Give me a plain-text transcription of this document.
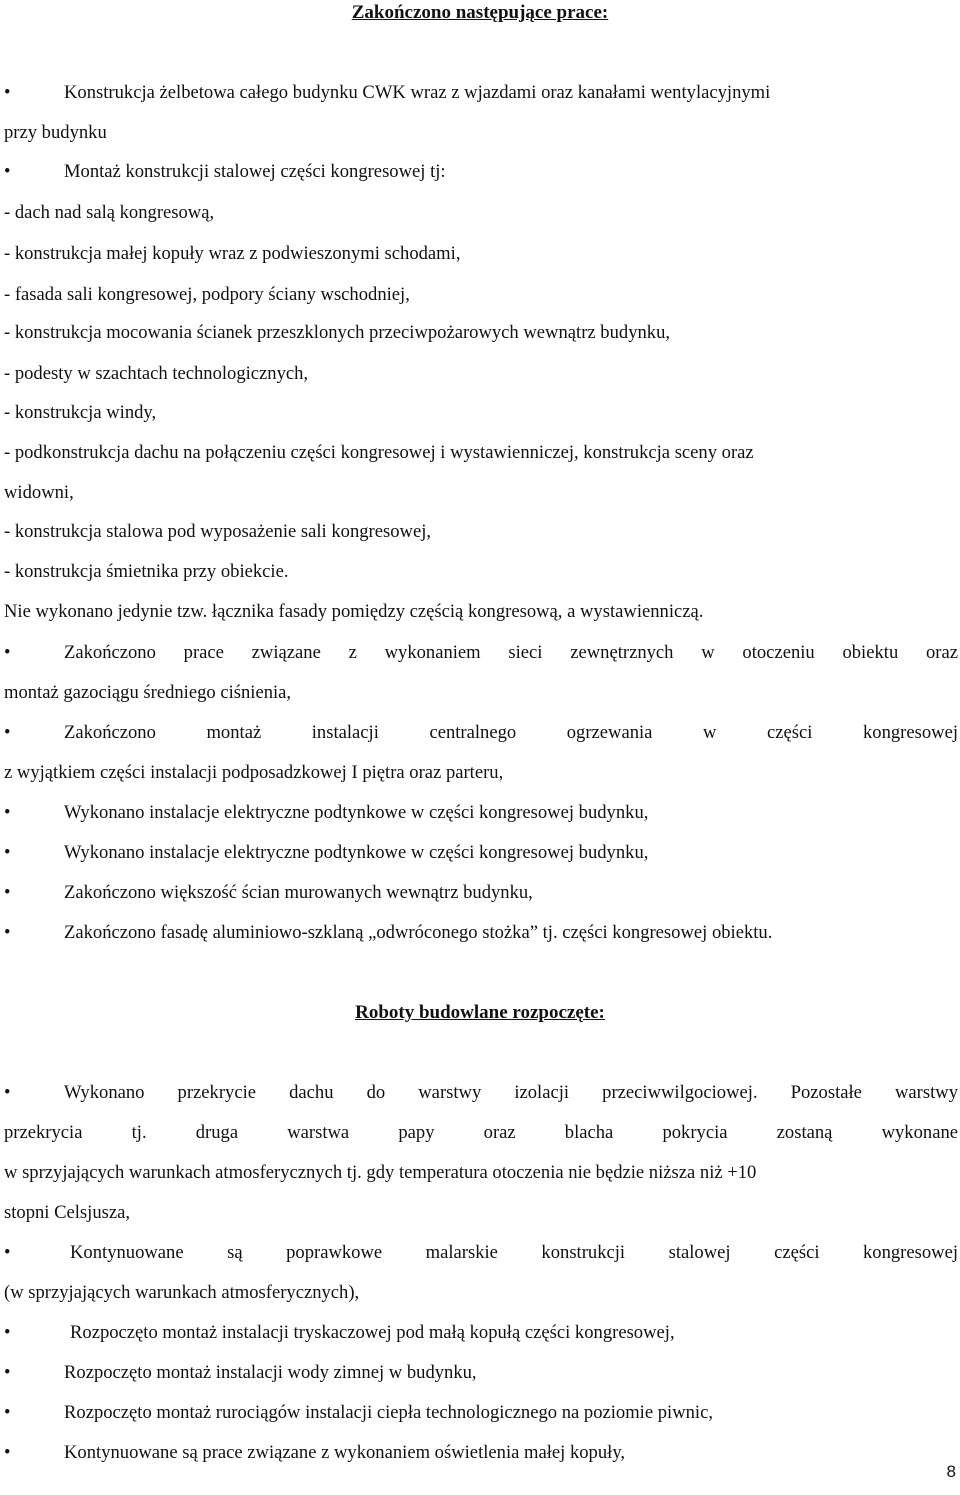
Zakończono następujące prace:
•	Konstrukcja żelbetowa całego budynku CWK wraz z wjazdami oraz kanałami wentylacyjnymi
przy budynku
•	Montaż konstrukcji stalowej części kongresowej tj:
- dach nad salą kongresową,
- konstrukcja małej kopuły wraz z podwieszonymi schodami,
- fasada sali kongresowej, podpory ściany wschodniej,
- konstrukcja mocowania ścianek przeszklonych przeciwpożarowych wewnątrz budynku,
- podesty w szachtach technologicznych,
- konstrukcja windy,
- podkonstrukcja dachu na połączeniu części kongresowej i wystawienniczej, konstrukcja sceny oraz
widowni,
- konstrukcja stalowa pod wyposażenie sali kongresowej,
- konstrukcja śmietnika przy obiekcie.
Nie wykonano jedynie tzw. łącznika fasady pomiędzy częścią kongresową, a wystawienniczą.
•	Zakończono prace związane z wykonaniem sieci zewnętrznych w otoczeniu obiektu oraz
montaż gazociągu średniego ciśnienia,
•	Zakończono montaż instalacji centralnego ogrzewania w części kongresowej
z wyjątkiem części instalacji podposadzkowej I piętra oraz parteru,
•	Wykonano instalacje elektryczne podtynkowe w części kongresowej budynku,
•	Wykonano instalacje elektryczne podtynkowe w części kongresowej budynku,
•	Zakończono większość ścian murowanych wewnątrz budynku,
•	Zakończono fasadę aluminiowo-szklaną „odwróconego stożka” tj. części kongresowej obiektu.
Roboty budowlane rozpoczęte:
•	Wykonano przekrycie dachu do warstwy izolacji przeciwwilgociowej. Pozostałe warstwy
przekrycia tj. druga warstwa papy oraz blacha pokrycia zostaną wykonane
w sprzyjających warunkach atmosferycznych tj. gdy temperatura otoczenia nie będzie niższa niż +10
stopni Celsjusza,
•	Kontynuowane są poprawkowe malarskie konstrukcji stalowej części kongresowej
(w sprzyjających warunkach atmosferycznych),
•	Rozpoczęto montaż instalacji tryskaczowej pod małą kopułą części kongresowej,
•	Rozpoczęto montaż instalacji wody zimnej w budynku,
•	Rozpoczęto montaż rurociągów instalacji ciepła technologicznego na poziomie piwnic,
•	Kontynuowane są prace związane z wykonaniem oświetlenia małej kopuły,
8
